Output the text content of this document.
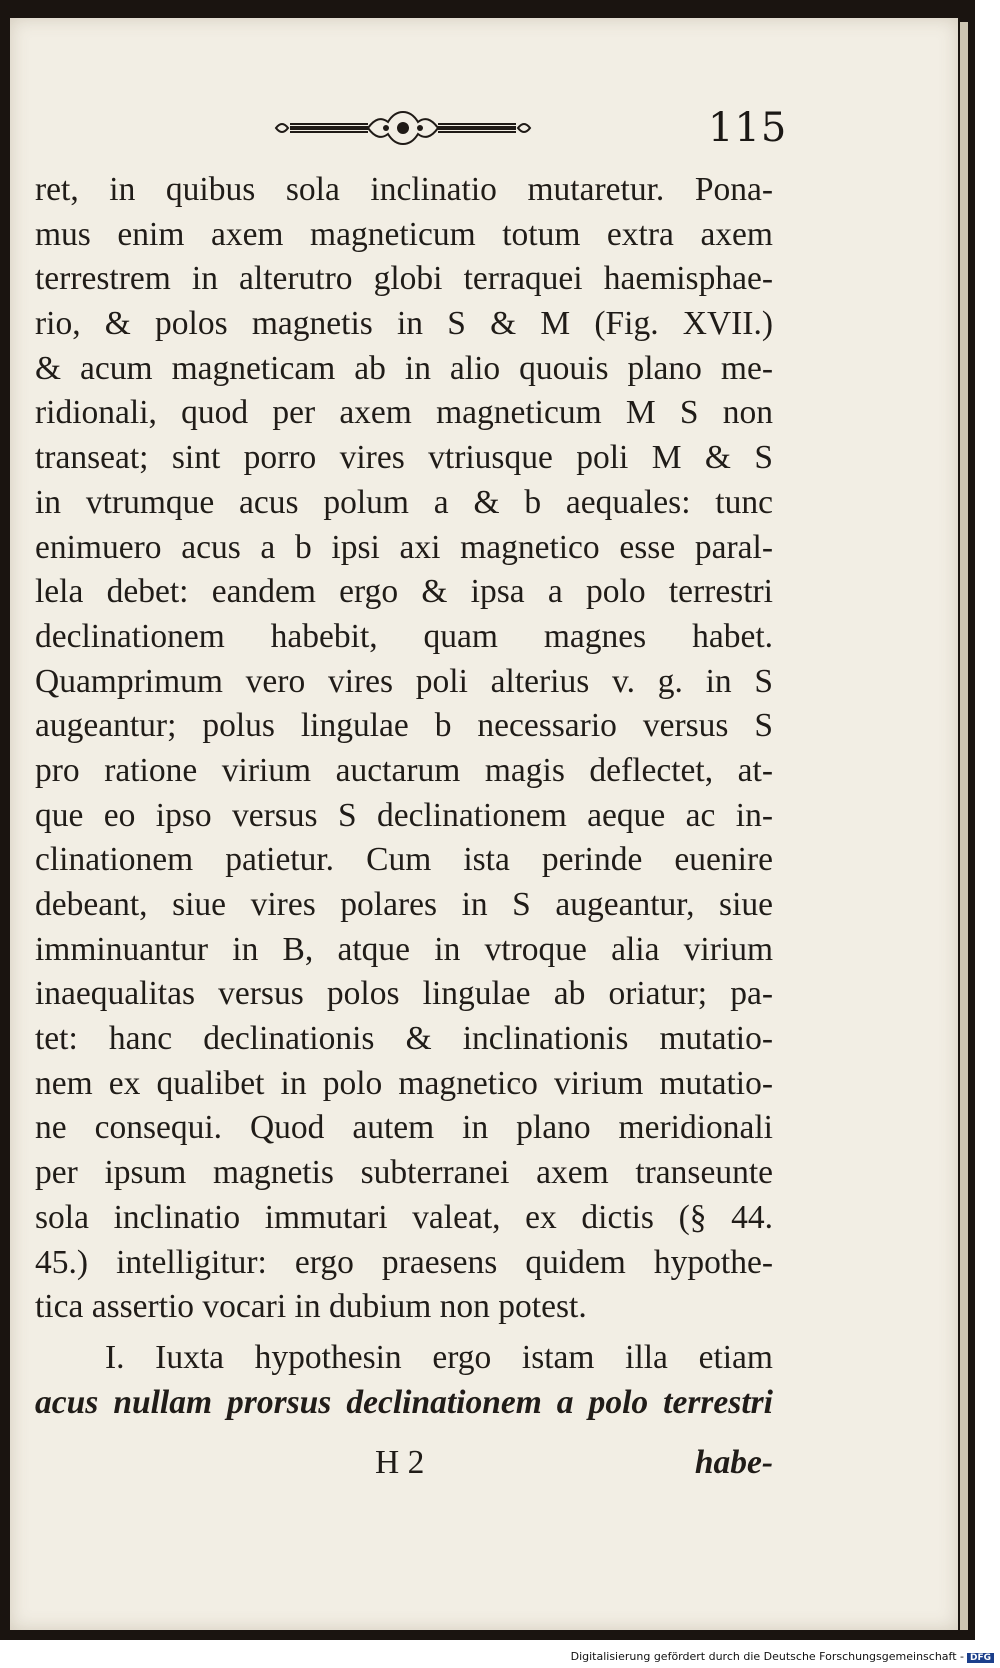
115
ret, in quibus sola inclinatio mutaretur. Pona-
mus enim axem magneticum totum extra axem
terrestrem in alterutro globi terraquei haemisphae-
rio, & polos magnetis in S & M (Fig. XVII.)
& acum magneticam ab in alio quouis plano me-
ridionali, quod per axem magneticum M S non
transeat; sint porro vires vtriusque poli M & S
in vtrumque acus polum a & b aequales: tunc
enimuero acus a b ipsi axi magnetico esse paral-
lela debet: eandem ergo & ipsa a polo terrestri
declinationem habebit, quam magnes habet.
Quamprimum vero vires poli alterius v. g. in S
augeantur; polus lingulae b necessario versus S
pro ratione virium auctarum magis deflectet, at-
que eo ipso versus S declinationem aeque ac in-
clinationem patietur. Cum ista perinde euenire
debeant, siue vires polares in S augeantur, siue
imminuantur in B, atque in vtroque alia virium
inaequalitas versus polos lingulae ab oriatur; pa-
tet: hanc declinationis & inclinationis mutatio-
nem ex qualibet in polo magnetico virium mutatio-
ne consequi. Quod autem in plano meridionali
per ipsum magnetis subterranei axem transeunte
sola inclinatio immutari valeat, ex dictis (§ 44.
45.) intelligitur: ergo praesens quidem hypothe-
tica assertio vocari in dubium non potest.
I. Iuxta hypothesin ergo istam illa etiam
acus nullam prorsus declinationem a polo terrestri
H 2	habe-
Digitalisierung gefördert durch die Deutsche Forschungsgemeinschaft - DFG
